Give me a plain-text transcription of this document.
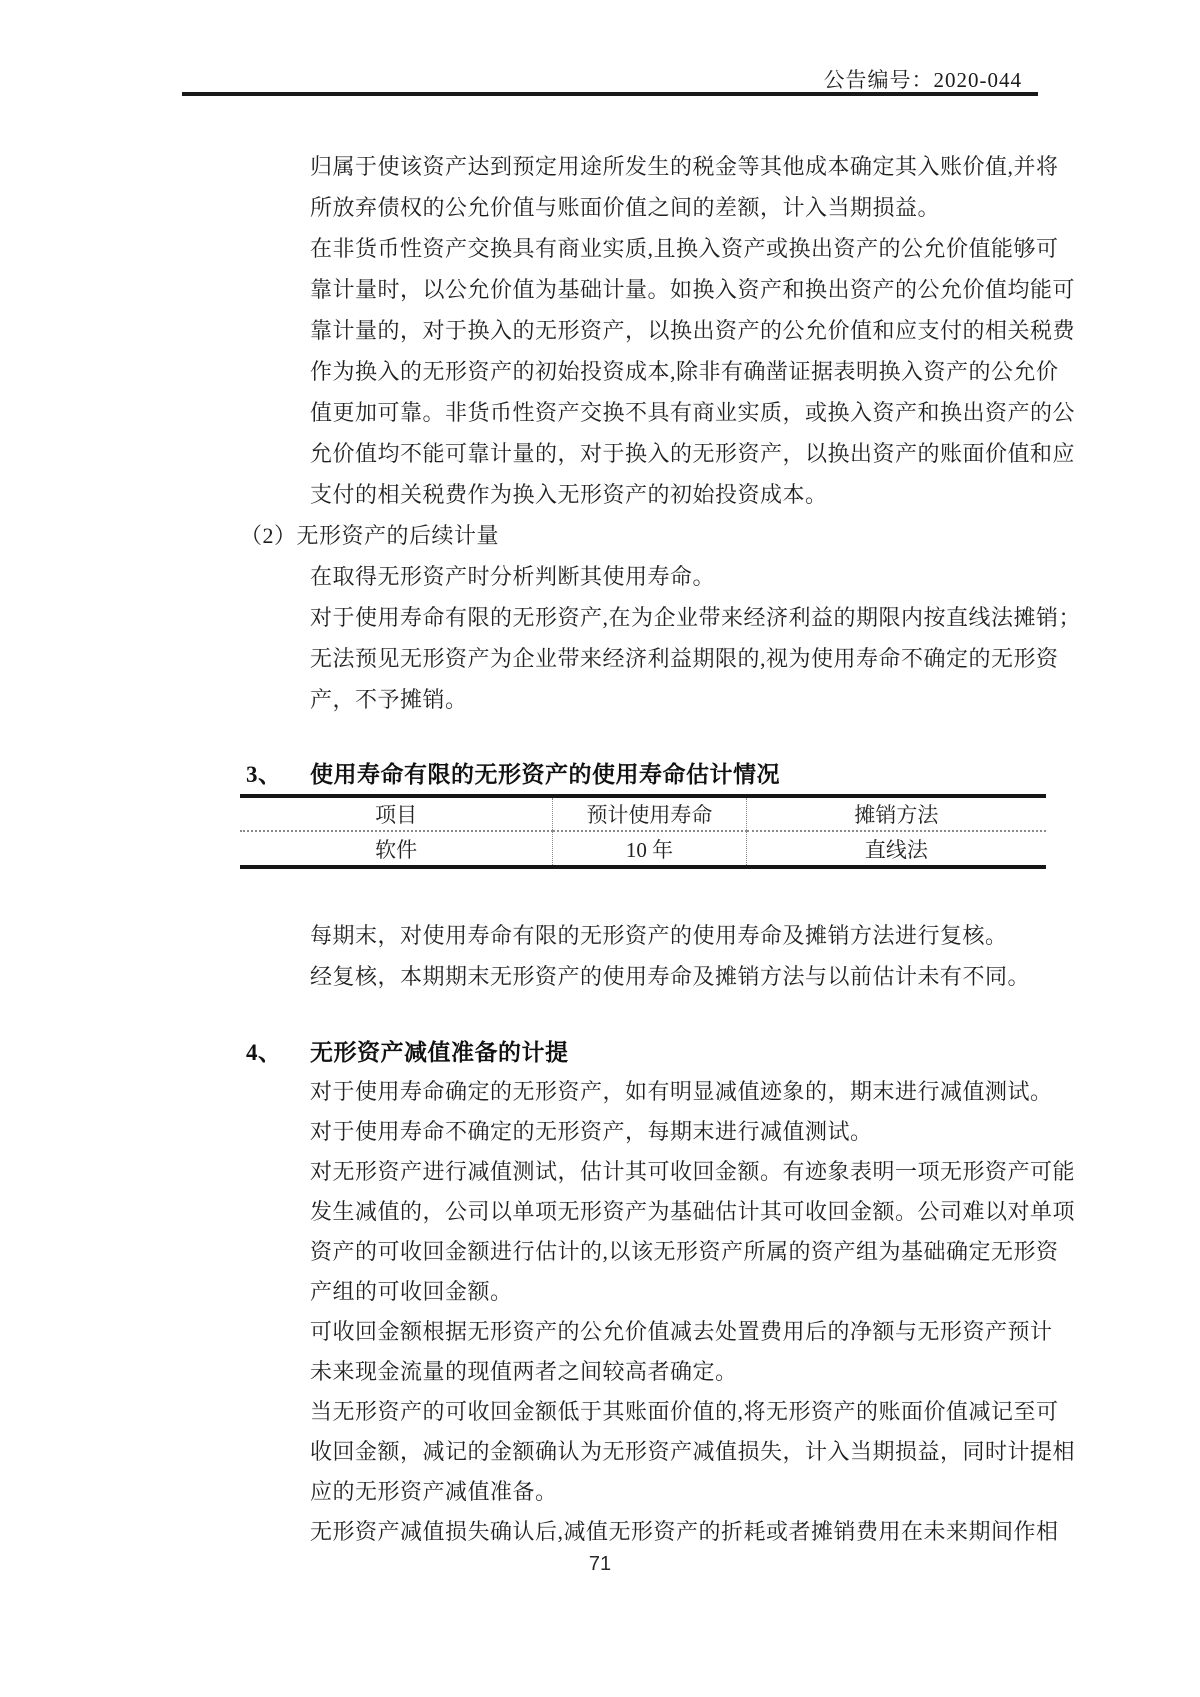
公告编号：2020-044
归属于使该资产达到预定用途所发生的税金等其他成本确定其入账价值,并将
所放弃债权的公允价值与账面价值之间的差额，计入当期损益。
在非货币性资产交换具有商业实质,且换入资产或换出资产的公允价值能够可
靠计量时，以公允价值为基础计量。如换入资产和换出资产的公允价值均能可
靠计量的，对于换入的无形资产，以换出资产的公允价值和应支付的相关税费
作为换入的无形资产的初始投资成本,除非有确凿证据表明换入资产的公允价
值更加可靠。非货币性资产交换不具有商业实质，或换入资产和换出资产的公
允价值均不能可靠计量的，对于换入的无形资产，以换出资产的账面价值和应
支付的相关税费作为换入无形资产的初始投资成本。
（2）无形资产的后续计量
在取得无形资产时分析判断其使用寿命。
对于使用寿命有限的无形资产,在为企业带来经济利益的期限内按直线法摊销；
无法预见无形资产为企业带来经济利益期限的,视为使用寿命不确定的无形资
产，不予摊销。
3、	使用寿命有限的无形资产的使用寿命估计情况
项目	预计使用寿命	摊销方法
软件	10 年	直线法
每期末，对使用寿命有限的无形资产的使用寿命及摊销方法进行复核。
经复核，本期期末无形资产的使用寿命及摊销方法与以前估计未有不同。
4、	无形资产减值准备的计提
对于使用寿命确定的无形资产，如有明显减值迹象的，期末进行减值测试。
对于使用寿命不确定的无形资产，每期末进行减值测试。
对无形资产进行减值测试，估计其可收回金额。有迹象表明一项无形资产可能
发生减值的，公司以单项无形资产为基础估计其可收回金额。公司难以对单项
资产的可收回金额进行估计的,以该无形资产所属的资产组为基础确定无形资
产组的可收回金额。
可收回金额根据无形资产的公允价值减去处置费用后的净额与无形资产预计
未来现金流量的现值两者之间较高者确定。
当无形资产的可收回金额低于其账面价值的,将无形资产的账面价值减记至可
收回金额，减记的金额确认为无形资产减值损失，计入当期损益，同时计提相
应的无形资产减值准备。
无形资产减值损失确认后,减值无形资产的折耗或者摊销费用在未来期间作相
71
